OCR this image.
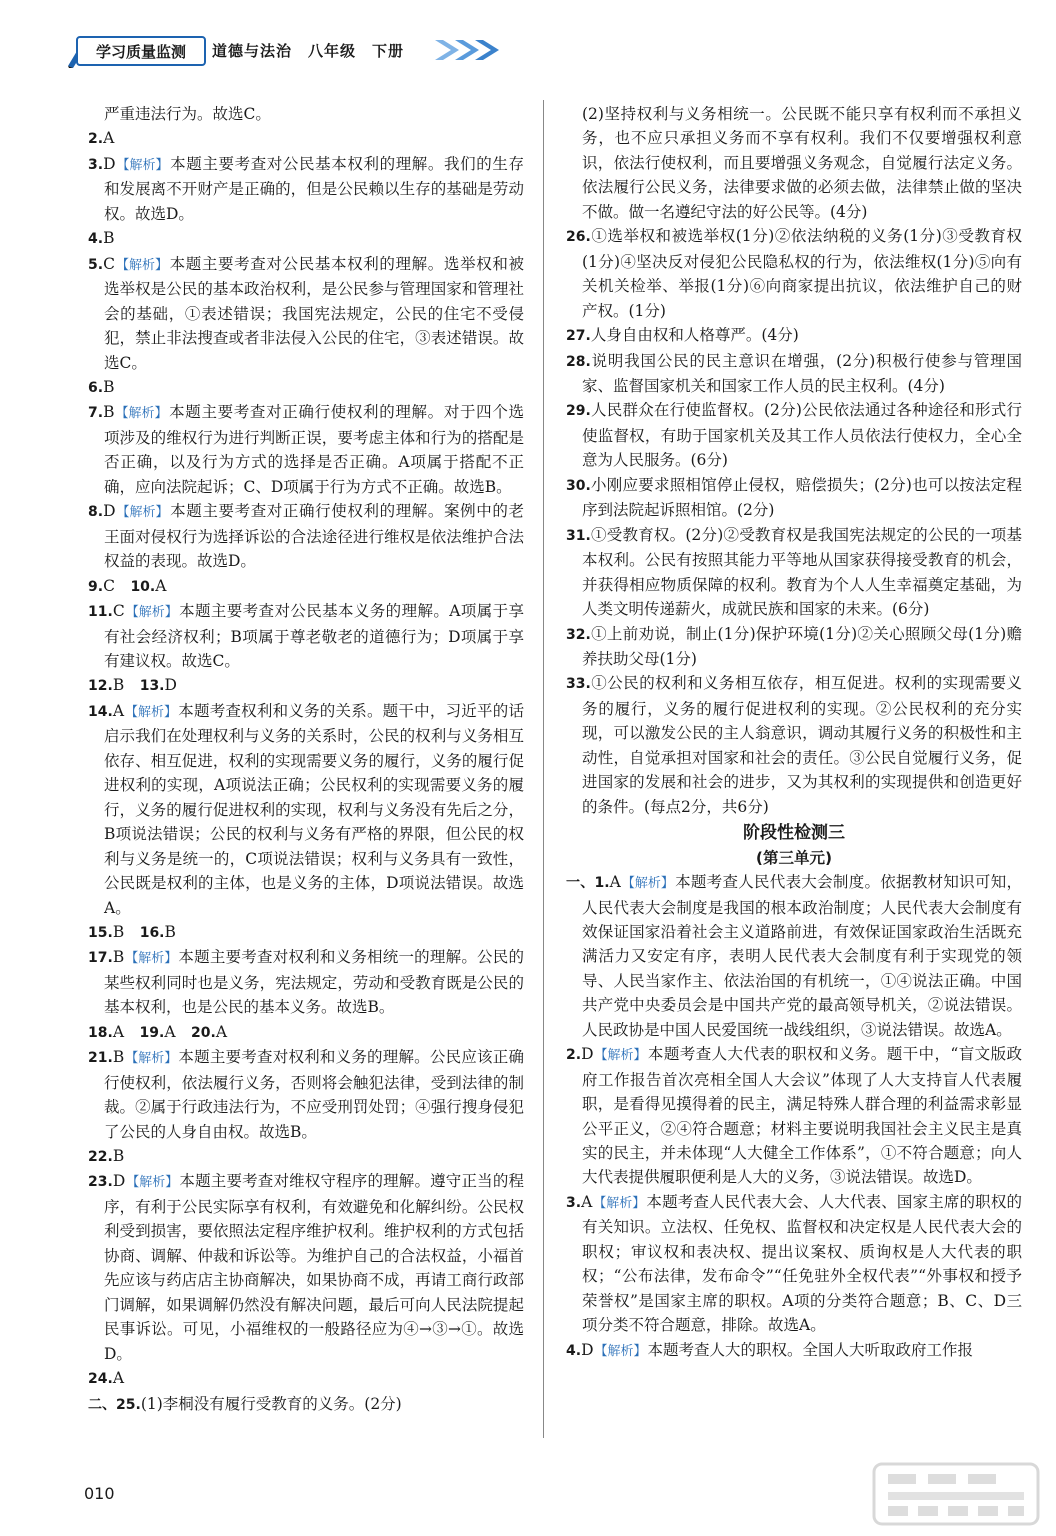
学习质量监测	道德与法治　八年级　下册

严重违法行为。故选C。

2.A

3.D【解析】本题主要考查对公民基本权利的理解。我们的生存和发展离不开财产是正确的，但是公民赖以生存的基础是劳动权。故选D。

4.B

5.C【解析】本题主要考查对公民基本权利的理解。选举权和被选举权是公民的基本政治权利，是公民参与管理国家和管理社会的基础，①表述错误；我国宪法规定，公民的住宅不受侵犯，禁止非法搜查或者非法侵入公民的住宅，③表述错误。故选C。

6.B

7.B【解析】本题主要考查对正确行使权利的理解。对于四个选项涉及的维权行为进行判断正误，要考虑主体和行为的搭配是否正确，以及行为方式的选择是否正确。A项属于搭配不正确，应向法院起诉；C、D项属于行为方式不正确。故选B。

8.D【解析】本题主要考查对正确行使权利的理解。案例中的老王面对侵权行为选择诉讼的合法途径进行维权是依法维护合法权益的表现。故选D。

9.C　10.A

11.C【解析】本题主要考查对公民基本义务的理解。A项属于享有社会经济权利；B项属于尊老敬老的道德行为；D项属于享有建议权。故选C。

12.B　13.D

14.A【解析】本题考查权利和义务的关系。题干中，习近平的话启示我们在处理权利与义务的关系时，公民的权利与义务相互依存、相互促进，权利的实现需要义务的履行，义务的履行促进权利的实现，A项说法正确；公民权利的实现需要义务的履行，义务的履行促进权利的实现，权利与义务没有先后之分，B项说法错误；公民的权利与义务有严格的界限，但公民的权利与义务是统一的，C项说法错误；权利与义务具有一致性，公民既是权利的主体，也是义务的主体，D项说法错误。故选A。

15.B　16.B

17.B【解析】本题主要考查对权利和义务相统一的理解。公民的某些权利同时也是义务，宪法规定，劳动和受教育既是公民的基本权利，也是公民的基本义务。故选B。

18.A　19.A　20.A

21.B【解析】本题主要考查对权利和义务的理解。公民应该正确行使权利，依法履行义务，否则将会触犯法律，受到法律的制裁。②属于行政违法行为，不应受刑罚处罚；④强行搜身侵犯了公民的人身自由权。故选B。

22.B

23.D【解析】本题主要考查对维权守程序的理解。遵守正当的程序，有利于公民实际享有权利，有效避免和化解纠纷。公民权利受到损害，要依照法定程序维护权利。维护权利的方式包括协商、调解、仲裁和诉讼等。为维护自己的合法权益，小福首先应该与药店店主协商解决，如果协商不成，再请工商行政部门调解，如果调解仍然没有解决问题，最后可向人民法院提起民事诉讼。可见，小福维权的一般路径应为④→③→①。故选D。

24.A

二、25.(1)李桐没有履行受教育的义务。(2分)

(2)坚持权利与义务相统一。公民既不能只享有权利而不承担义务，也不应只承担义务而不享有权利。我们不仅要增强权利意识，依法行使权利，而且要增强义务观念，自觉履行法定义务。依法履行公民义务，法律要求做的必须去做，法律禁止做的坚决不做。做一名遵纪守法的好公民等。(4分)

26.①选举权和被选举权(1分)②依法纳税的义务(1分)③受教育权(1分)④坚决反对侵犯公民隐私权的行为，依法维权(1分)⑤向有关机关检举、举报(1分)⑥向商家提出抗议，依法维护自己的财产权。(1分)

27.人身自由权和人格尊严。(4分)

28.说明我国公民的民主意识在增强，(2分)积极行使参与管理国家、监督国家机关和国家工作人员的民主权利。(4分)

29.人民群众在行使监督权。(2分)公民依法通过各种途径和形式行使监督权，有助于国家机关及其工作人员依法行使权力，全心全意为人民服务。(6分)

30.小刚应要求照相馆停止侵权，赔偿损失；(2分)也可以按法定程序到法院起诉照相馆。(2分)

31.①受教育权。(2分)②受教育权是我国宪法规定的公民的一项基本权利。公民有按照其能力平等地从国家获得接受教育的机会，并获得相应物质保障的权利。教育为个人人生幸福奠定基础，为人类文明传递薪火，成就民族和国家的未来。(6分)

32.①上前劝说，制止(1分)保护环境(1分)②关心照顾父母(1分)赡养扶助父母(1分)

33.①公民的权利和义务相互依存，相互促进。权利的实现需要义务的履行，义务的履行促进权利的实现。②公民权利的充分实现，可以激发公民的主人翁意识，调动其履行义务的积极性和主动性，自觉承担对国家和社会的责任。③公民自觉履行义务，促进国家的发展和社会的进步，又为其权利的实现提供和创造更好的条件。(每点2分，共6分)

阶段性检测三
(第三单元)

一、1.A【解析】本题考查人民代表大会制度。依据教材知识可知，人民代表大会制度是我国的根本政治制度；人民代表大会制度有效保证国家沿着社会主义道路前进，有效保证国家政治生活既充满活力又安定有序，表明人民代表大会制度有利于实现党的领导、人民当家作主、依法治国的有机统一，①④说法正确。中国共产党中央委员会是中国共产党的最高领导机关，②说法错误。人民政协是中国人民爱国统一战线组织，③说法错误。故选A。

2.D【解析】本题考查人大代表的职权和义务。题干中，“盲文版政府工作报告首次亮相全国人大会议”体现了人大支持盲人代表履职，是看得见摸得着的民主，满足特殊人群合理的利益需求彰显公平正义，②④符合题意；材料主要说明我国社会主义民主是真实的民主，并未体现“人大健全工作体系”，①不符合题意；向人大代表提供履职便利是人大的义务，③说法错误。故选D。

3.A【解析】本题考查人民代表大会、人大代表、国家主席的职权的有关知识。立法权、任免权、监督权和决定权是人民代表大会的职权；审议权和表决权、提出议案权、质询权是人大代表的职权；“公布法律，发布命令”“任免驻外全权代表”“外事权和授予荣誉权”是国家主席的职权。A项的分类符合题意；B、C、D三项分类不符合题意，排除。故选A。

4.D【解析】本题考查人大的职权。全国人大听取政府工作报

010
